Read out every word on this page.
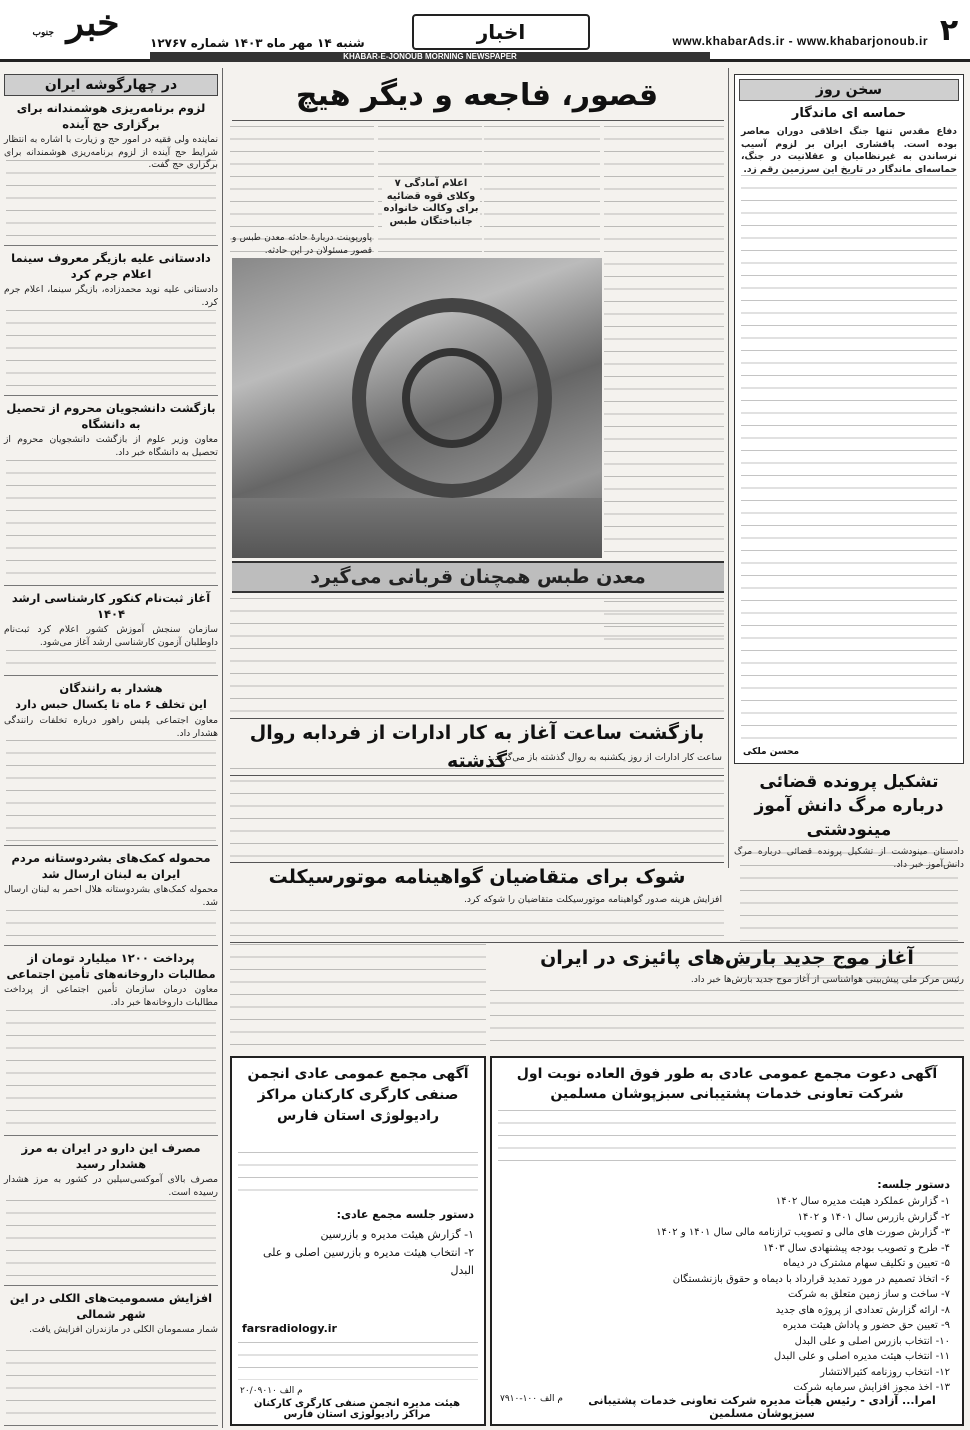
۲
www.khabarAds.ir - www.khabarjonoub.ir
اخبار
خبر جنوب
شنبه ۱۴ مهر ماه ۱۴۰۳ شماره ۱۲۷۶۷
KHABAR-E-JONOUB MORNING NEWSPAPER
سخن روز
حماسه ای ماندگار
دفاع مقدس تنها جنگ اخلاقی دوران معاصر بوده است. پافشاری ایران بر لزوم آسیب نرساندن به غیرنظامیان و عقلانیت در جنگ، حماسه‌ای ماندگار در تاریخ این سرزمین رقم زد.
محسن ملکی
تشکیل پرونده قضائی درباره مرگ دانش آموز مینودشتی
دادستان مینودشت از تشکیل پرونده قضائی درباره مرگ دانش‌آموز خبر داد.
قصور، فاجعه و دیگر هیچ
اعلام آمادگی ۷ وکلای قوه قضائیه برای وکالت خانواده جانباختگان طبس
پاورپوینت دربارهٔ حادثه معدن طبس و قصور مسئولان در این حادثه.
معدن طبس همچنان قربانی می‌گیرد
بازگشت ساعت آغاز به کار ادارات از فردابه روال گذشته
ساعت کار ادارات از روز یکشنبه به روال گذشته باز می‌گردد.
شوک برای متقاضیان گواهینامه موتورسیکلت
افزایش هزینه صدور گواهینامه موتورسیکلت متقاضیان را شوکه کرد.
آغاز موج جدید بارش‌های پائیزی در ایران
رئیس مرکز ملی پیش‌بینی هواشناسی از آغاز موج جدید بارش‌ها خبر داد.
آگهی دعوت مجمع عمومی عادی به طور فوق العاده نوبت اول شرکت تعاونی خدمات پشتیبانی سبزپوشان مسلمین
دستور جلسه:
۱- گزارش عملکرد هیئت مدیره سال ۱۴۰۲
۲- گزارش بازرس سال ۱۴۰۱ و ۱۴۰۲
۳- گزارش صورت های مالی و تصویب ترازنامه مالی سال ۱۴۰۱ و ۱۴۰۲
۴- طرح و تصویب بودجه پیشنهادی سال ۱۴۰۳
۵- تعیین و تکلیف سهام مشترک در دیماه
۶- اتخاذ تصمیم در مورد تمدید قرارداد با دیماه و حقوق بازنشستگان
۷- ساخت و ساز زمین متعلق به شرکت
۸- ارائه گزارش تعدادی از پروژه های جدید
۹- تعیین حق حضور و پاداش هیئت مدیره
۱۰- انتخاب بازرس اصلی و علی البدل
۱۱- انتخاب هیئت مدیره اصلی و علی البدل
۱۲- انتخاب روزنامه کثیرالانتشار
۱۳- اخذ مجوز افزایش سرمایه شرکت
امرا... آزادی - رئیس هیأت مدیره شرکت تعاونی خدمات پشتیبانی سبزپوشان مسلمین
م الف ۱۰۰-۷۹۱۰
آگهی مجمع عمومی عادی انجمن صنفی کارگری کارکنان مراکز رادیولوژی استان فارس
دستور جلسه مجمع عادی:
۱- گزارش هیئت مدیره و بازرسین
۲- انتخاب هیئت مدیره و بازرسین اصلی و علی البدل
farsradiology.ir
م الف ۲۰/۰۹۰۱۰
هیئت مدیره انجمن صنفی کارگری کارکنان مراکز رادیولوژی استان فارس
در چهارگوشه ایران
لزوم برنامه‌ریزی هوشمندانه برای برگزاری حج آینده
نماینده ولی فقیه در امور حج و زیارت با اشاره به انتظار شرایط حج آینده از لزوم برنامه‌ریزی هوشمندانه برای برگزاری حج گفت.
دادستانی علیه بازیگر معروف سینما اعلام جرم کرد
دادستانی علیه نوید محمدزاده، بازیگر سینما، اعلام جرم کرد.
بازگشت دانشجویان محروم از تحصیل به دانشگاه
معاون وزیر علوم از بازگشت دانشجویان محروم از تحصیل به دانشگاه خبر داد.
آغاز ثبت‌نام کنکور کارشناسی ارشد ۱۴۰۴
سازمان سنجش آموزش کشور اعلام کرد ثبت‌نام داوطلبان آزمون کارشناسی ارشد آغاز می‌شود.
هشدار به رانندگان
این تخلف ۶ ماه تا یکسال حبس دارد
معاون اجتماعی پلیس راهور درباره تخلفات رانندگی هشدار داد.
محموله کمک‌های بشردوستانه مردم ایران به لبنان ارسال شد
محموله کمک‌های بشردوستانه هلال احمر به لبنان ارسال شد.
پرداخت ۱۲۰۰ میلیارد تومان از مطالبات داروخانه‌های تأمین اجتماعی
معاون درمان سازمان تأمین اجتماعی از پرداخت مطالبات داروخانه‌ها خبر داد.
مصرف این دارو در ایران به مرز هشدار رسید
مصرف بالای آموکسی‌سیلین در کشور به مرز هشدار رسیده است.
افزایش مسمومیت‌های الکلی در این شهر شمالی
شمار مسمومان الکلی در مازندران افزایش یافت.
